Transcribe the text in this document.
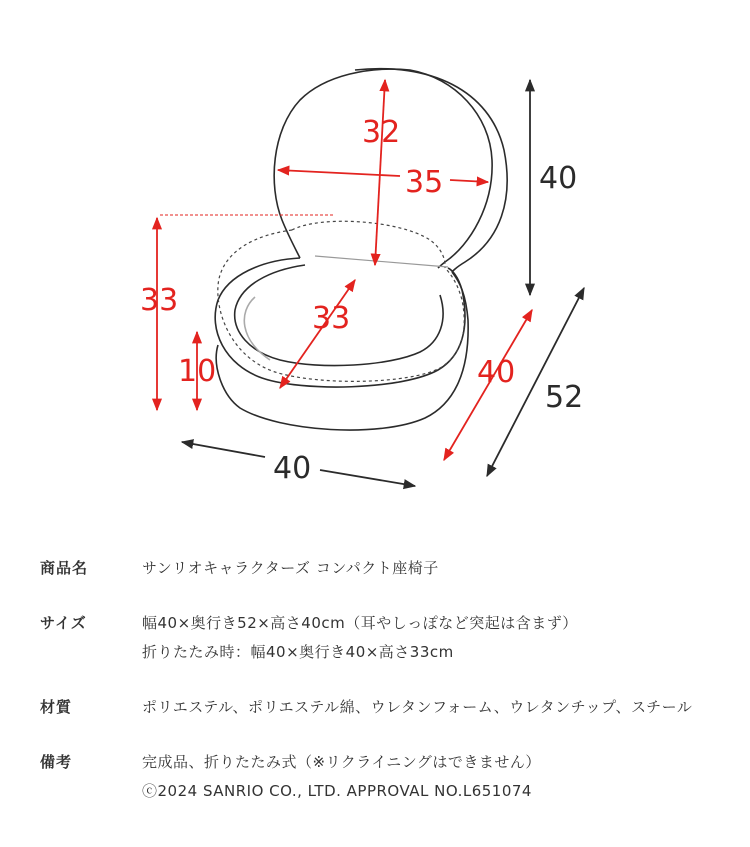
32
35
33
10
33
40
40
52
40
商品名	サンリオキャラクターズ コンパクト座椅子
サイズ	幅40×奥行き52×高さ40cm（耳やしっぽなど突起は含まず）
折りたたみ時：幅40×奥行き40×高さ33cm
材質	ポリエステル、ポリエステル綿、ウレタンフォーム、ウレタンチップ、スチール
備考	完成品、折りたたみ式（※リクライニングはできません）
ⓒ2024 SANRIO CO., LTD. APPROVAL NO.L651074
